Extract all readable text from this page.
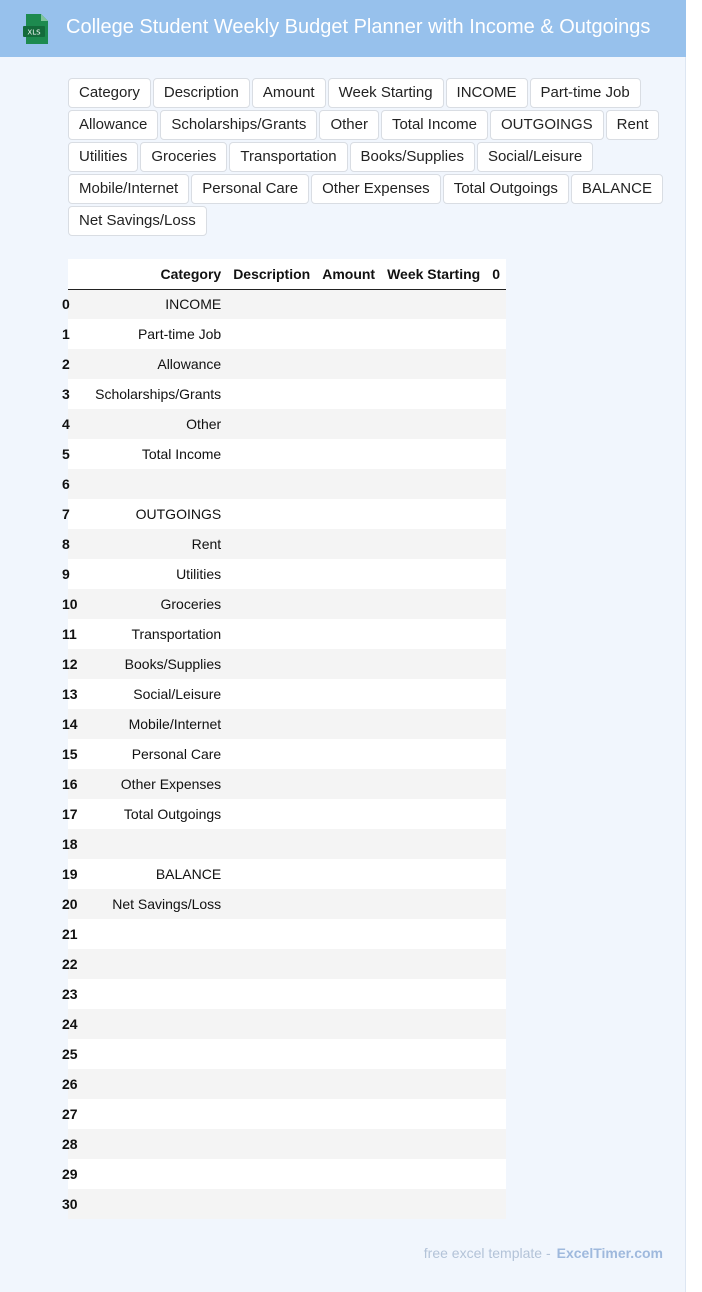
XLS College Student Weekly Budget Planner with Income & Outgoings
Category	Description	Amount	Week Starting	INCOME	Part-time Job
Allowance	Scholarships/Grants	Other	Total Income	OUTGOINGS	Rent
Utilities	Groceries	Transportation	Books/Supplies	Social/Leisure
Mobile/Internet	Personal Care	Other Expenses	Total Outgoings	BALANCE
Net Savings/Loss
	Category	Description	Amount	Week Starting	0
0	INCOME				
1	Part-time Job				
2	Allowance				
3	Scholarships/Grants				
4	Other				
5	Total Income				
6					
7	OUTGOINGS				
8	Rent				
9	Utilities				
10	Groceries				
11	Transportation				
12	Books/Supplies				
13	Social/Leisure				
14	Mobile/Internet				
15	Personal Care				
16	Other Expenses				
17	Total Outgoings				
18					
19	BALANCE				
20	Net Savings/Loss				
21					
22					
23					
24					
25					
26					
27					
28					
29					
30					
free excel template - ExcelTimer.com
